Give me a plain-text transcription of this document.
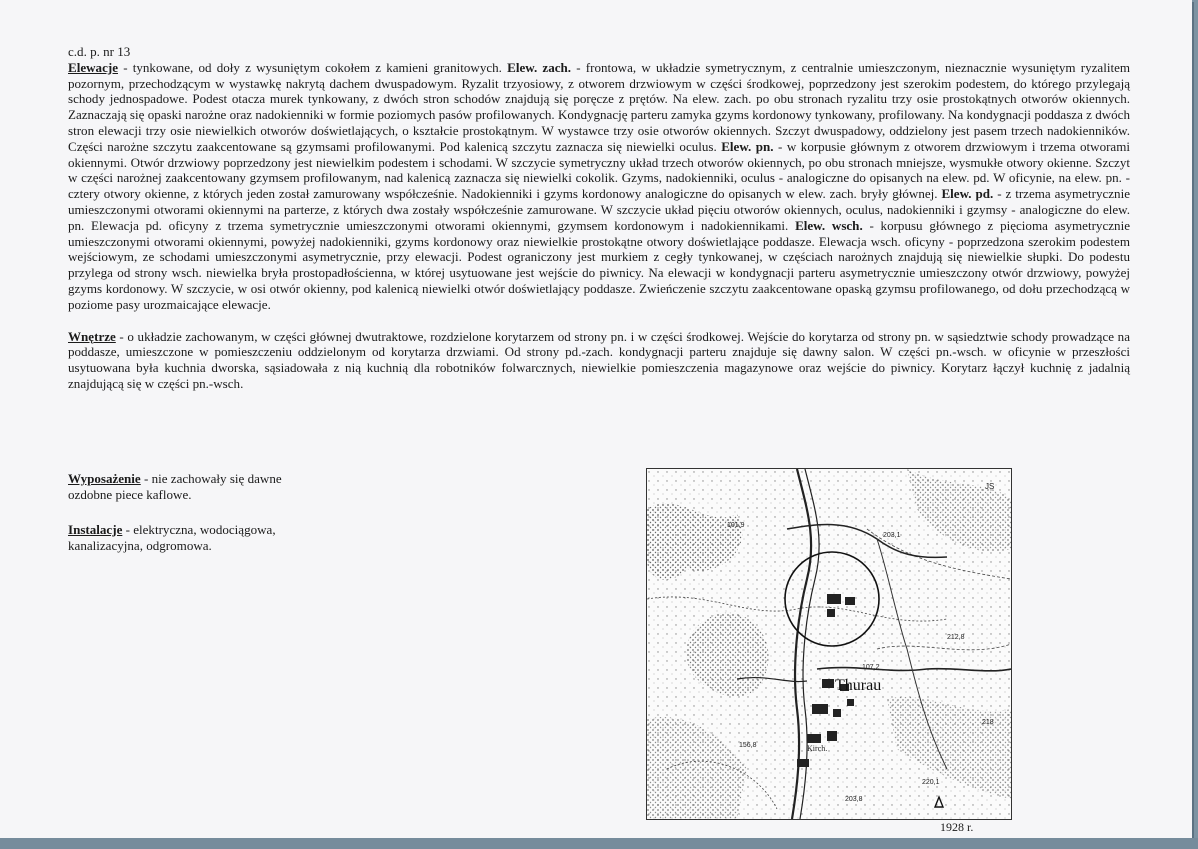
c.d. p. nr 13

Elewacje - tynkowane, od doły z wysuniętym cokołem z kamieni granitowych. Elew. zach. - frontowa, w układzie symetrycznym, z centralnie umieszczonym, nieznacznie wysuniętym ryzalitem pozornym, przechodzącym w wystawkę nakrytą dachem dwuspadowym. Ryzalit trzyosiowy, z otworem drzwiowym w części środkowej, poprzedzony jest szerokim podestem, do którego przylegają schody jednospadowe. Podest otacza murek tynkowany, z dwóch stron schodów znajdują się poręcze z prętów. Na elew. zach. po obu stronach ryzalitu trzy osie prostokątnych otworów okiennych. Zaznaczają się opaski narożne oraz nadokienniki w formie poziomych pasów profilowanych. Kondygnację parteru zamyka gzyms kordonowy tynkowany, profilowany. Na kondygnacji poddasza z dwóch stron elewacji trzy osie niewielkich otworów doświetlających, o kształcie prostokątnym. W wystawce trzy osie otworów okiennych. Szczyt dwuspadowy, oddzielony jest pasem trzech nadokienników. Części narożne szczytu zaakcentowane są gzymsami profilowanymi. Pod kalenicą szczytu zaznacza się niewielki oculus. Elew. pn. - w korpusie głównym z otworem drzwiowym i trzema otworami okiennymi. Otwór drzwiowy poprzedzony jest niewielkim podestem i schodami. W szczycie symetryczny układ trzech otworów okiennych, po obu stronach mniejsze, wysmukłe otwory okienne. Szczyt w części narożnej zaakcentowany gzymsem profilowanym, nad kalenicą zaznacza się niewielki cokolik. Gzyms, nadokienniki, oculus - analogiczne do opisanych na elew. pd. W oficynie, na elew. pn. - cztery otwory okienne, z których jeden został zamurowany współcześnie. Nadokienniki i gzyms kordonowy analogiczne do opisanych w elew. zach. bryły głównej. Elew. pd. - z trzema asymetrycznie umieszczonymi otworami okiennymi na parterze, z których dwa zostały współcześnie zamurowane. W szczycie układ pięciu otworów okiennych, oculus, nadokienniki i gzymsy - analogiczne do elew. pn. Elewacja pd. oficyny z trzema symetrycznie umieszczonymi otworami okiennymi, gzymsem kordonowym i nadokiennikami. Elew. wsch. - korpusu głównego z pięcioma asymetrycznie umieszczonymi otworami okiennymi, powyżej nadokienniki, gzyms kordonowy oraz niewielkie prostokątne otwory doświetlające poddasze. Elewacja wsch. oficyny - poprzedzona szerokim podestem wejściowym, ze schodami umieszczonymi asymetrycznie, przy elewacji. Podest ograniczony jest murkiem z cegły tynkowanej, w częściach narożnych znajdują się niewielkie słupki. Do podestu przylega od strony wsch. niewielka bryła prostopadłościenna, w której usytuowane jest wejście do piwnicy. Na elewacji w kondygnacji parteru asymetrycznie umieszczony otwór drzwiowy, powyżej gzyms kordonowy. W szczycie, w osi otwór okienny, pod kalenicą niewielki otwór doświetlający poddasze. Zwieńczenie szczytu zaakcentowane opaską gzymsu profilowanego, od dołu przechodzącą w poziome pasy urozmaicające elewacje.

Wnętrze - o układzie zachowanym, w części głównej dwutraktowe, rozdzielone korytarzem od strony pn. i w części środkowej. Wejście do korytarza od strony pn. w sąsiedztwie schody prowadzące na poddasze, umieszczone w pomieszczeniu oddzielonym od korytarza drzwiami. Od strony pd.-zach. kondygnacji parteru znajduje się dawny salon. W części pn.-wsch. w oficynie w przeszłości usytuowana była kuchnia dworska, sąsiadowała z nią kuchnią dla robotników folwarcznych, niewielkie pomieszczenia magazynowe oraz wejście do piwnicy. Korytarz łączył kuchnię z jadalnią znajdującą się w części pn.-wsch.

Wyposażenie - nie zachowały się dawne
ozdobne piece kaflowe.
Instalacje - elektryczna, wodociągowa,
kanalizacyjna, odgromowa.
Thurau
203,1
212,8
107,2
218
156,8	Kirch.
220,1
203,8
JS
101,9
1928 r.
